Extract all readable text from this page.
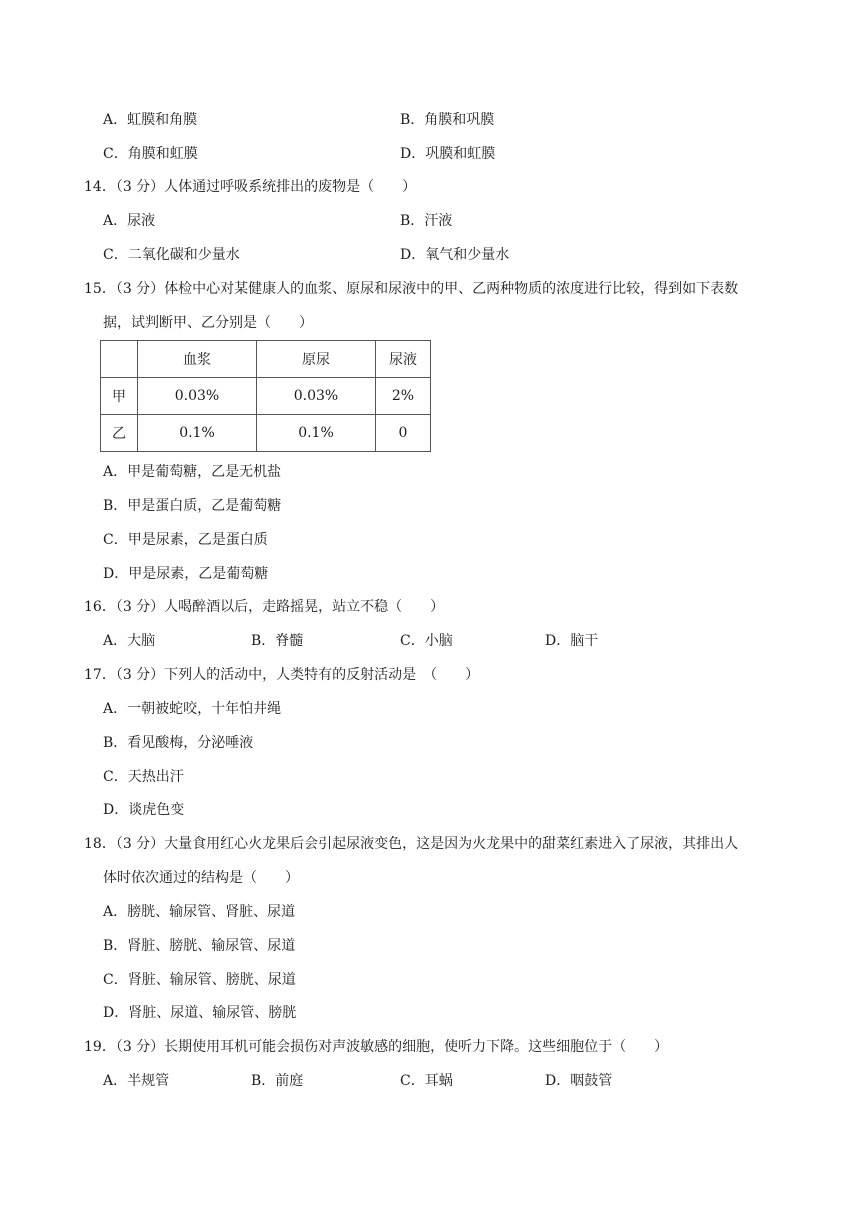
A．虹膜和角膜	B．角膜和巩膜
C．角膜和虹膜	D．巩膜和虹膜
14．（3 分）人体通过呼吸系统排出的废物是（　　）
A．尿液	B．汗液
C．二氧化碳和少量水	D．氧气和少量水
15．（3 分）体检中心对某健康人的血浆、原尿和尿液中的甲、乙两种物质的浓度进行比较，得到如下表数
据，试判断甲、乙分别是（　　）
	血浆	原尿	尿液
甲	0.03%	0.03%	2%
乙	0.1%	0.1%	0
A．甲是葡萄糖，乙是无机盐
B．甲是蛋白质，乙是葡萄糖
C．甲是尿素，乙是蛋白质
D．甲是尿素，乙是葡萄糖
16．（3 分）人喝醉酒以后，走路摇晃，站立不稳（　　）
A．大脑	B．脊髓	C．小脑	D．脑干
17．（3 分）下列人的活动中，人类特有的反射活动是　（　　）
A．一朝被蛇咬，十年怕井绳
B．看见酸梅，分泌唾液
C．天热出汗
D．谈虎色变
18．（3 分）大量食用红心火龙果后会引起尿液变色，这是因为火龙果中的甜菜红素进入了尿液，其排出人
体时依次通过的结构是（　　）
A．膀胱、输尿管、肾脏、尿道
B．肾脏、膀胱、输尿管、尿道
C．肾脏、输尿管、膀胱、尿道
D．肾脏、尿道、输尿管、膀胱
19．（3 分）长期使用耳机可能会损伤对声波敏感的细胞，使听力下降。这些细胞位于（　　）
A．半规管	B．前庭	C．耳蜗	D．咽鼓管
